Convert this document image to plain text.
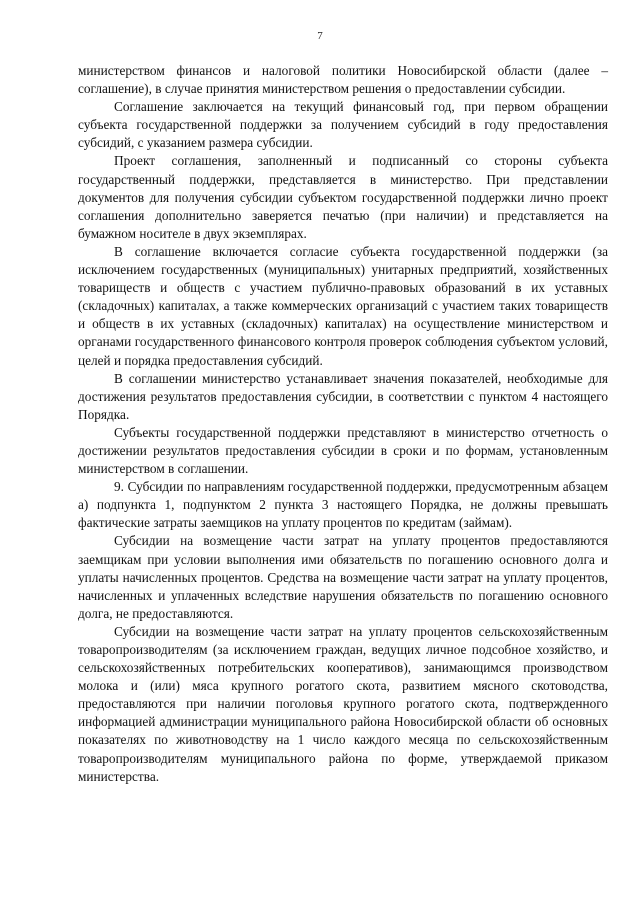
7

министерством финансов и налоговой политики Новосибирской области (далее – соглашение), в случае принятия министерством решения о предоставлении субсидии.

Соглашение заключается на текущий финансовый год, при первом обращении субъекта государственной поддержки за получением субсидий в году предоставления субсидий, с указанием размера субсидии.

Проект соглашения, заполненный и подписанный со стороны субъекта государственный поддержки, представляется в министерство. При представлении документов для получения субсидии субъектом государственной поддержки лично проект соглашения дополнительно заверяется печатью (при наличии) и представляется на бумажном носителе в двух экземплярах.

В соглашение включается согласие субъекта государственной поддержки (за исключением государственных (муниципальных) унитарных предприятий, хозяйственных товариществ и обществ с участием публично-правовых образований в их уставных (складочных) капиталах, а также коммерческих организаций с участием таких товариществ и обществ в их уставных (складочных) капиталах) на осуществление министерством и органами государственного финансового контроля проверок соблюдения субъектом условий, целей и порядка предоставления субсидий.

В соглашении министерство устанавливает значения показателей, необходимые для достижения результатов предоставления субсидии, в соответствии с пунктом 4 настоящего Порядка.

Субъекты государственной поддержки представляют в министерство отчетность о достижении результатов предоставления субсидии в сроки и по формам, установленным министерством в соглашении.

9. Субсидии по направлениям государственной поддержки, предусмотренным абзацем а) подпункта 1, подпунктом 2 пункта 3 настоящего Порядка, не должны превышать фактические затраты заемщиков на уплату процентов по кредитам (займам).

Субсидии на возмещение части затрат на уплату процентов предоставляются заемщикам при условии выполнения ими обязательств по погашению основного долга и уплаты начисленных процентов. Средства на возмещение части затрат на уплату процентов, начисленных и уплаченных вследствие нарушения обязательств по погашению основного долга, не предоставляются.

Субсидии на возмещение части затрат на уплату процентов сельскохозяйственным товаропроизводителям (за исключением граждан, ведущих личное подсобное хозяйство, и сельскохозяйственных потребительских кооперативов), занимающимся производством молока и (или) мяса крупного рогатого скота, развитием мясного скотоводства, предоставляются при наличии поголовья крупного рогатого скота, подтвержденного информацией администрации муниципального района Новосибирской области об основных показателях по животноводству на 1 число каждого месяца по сельскохозяйственным товаропроизводителям муниципального района по форме, утверждаемой приказом министерства.
